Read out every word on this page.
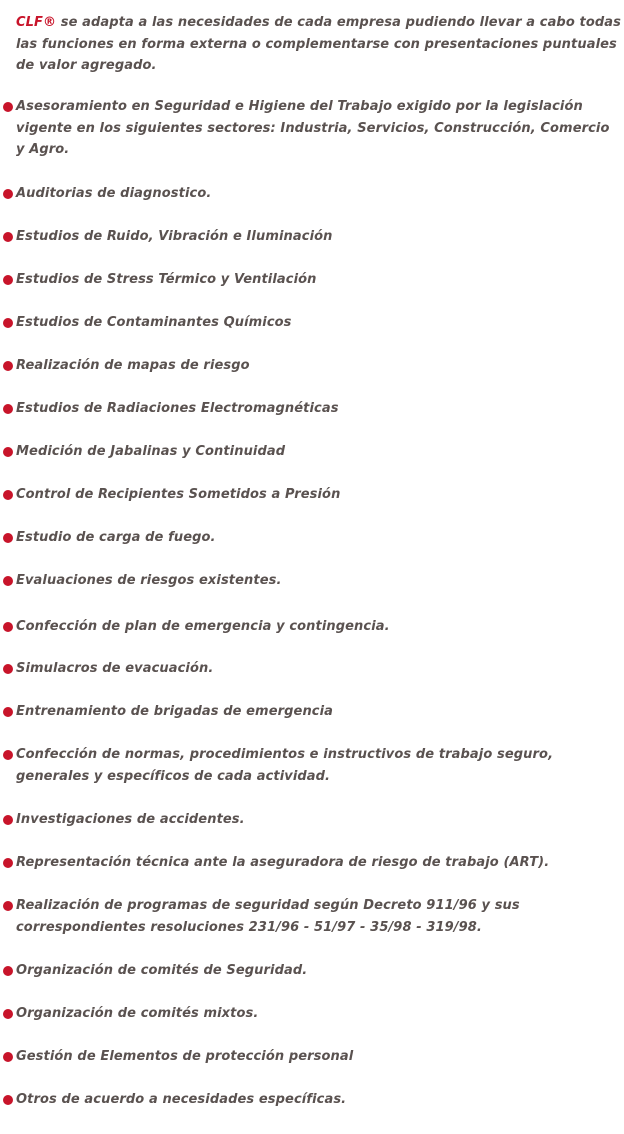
CLF® se adapta a las necesidades de cada empresa pudiendo llevar a cabo todas las funciones en forma externa o complementarse con presentaciones puntuales de valor agregado.

Asesoramiento en Seguridad e Higiene del Trabajo exigido por la legislación vigente en los siguientes sectores: Industria, Servicios, Construcción, Comercio y Agro.
Auditorias de diagnostico.
Estudios de Ruido, Vibración e Iluminación
Estudios de Stress Térmico y Ventilación
Estudios de Contaminantes Químicos
Realización de mapas de riesgo
Estudios de Radiaciones Electromagnéticas
Medición de Jabalinas y Continuidad
Control de Recipientes Sometidos a Presión
Estudio de carga de fuego.
Evaluaciones de riesgos existentes.
Confección de plan de emergencia y contingencia.
Simulacros de evacuación.
Entrenamiento de brigadas de emergencia
Confección de normas, procedimientos e instructivos de trabajo seguro, generales y específicos de cada actividad.
Investigaciones de accidentes.
Representación técnica ante la aseguradora de riesgo de trabajo (ART).
Realización de programas de seguridad según Decreto 911/96 y sus correspondientes resoluciones 231/96 - 51/97 - 35/98 - 319/98.
Organización de comités de Seguridad.
Organización de comités mixtos.
Gestión de Elementos de protección personal
Otros de acuerdo a necesidades específicas.
